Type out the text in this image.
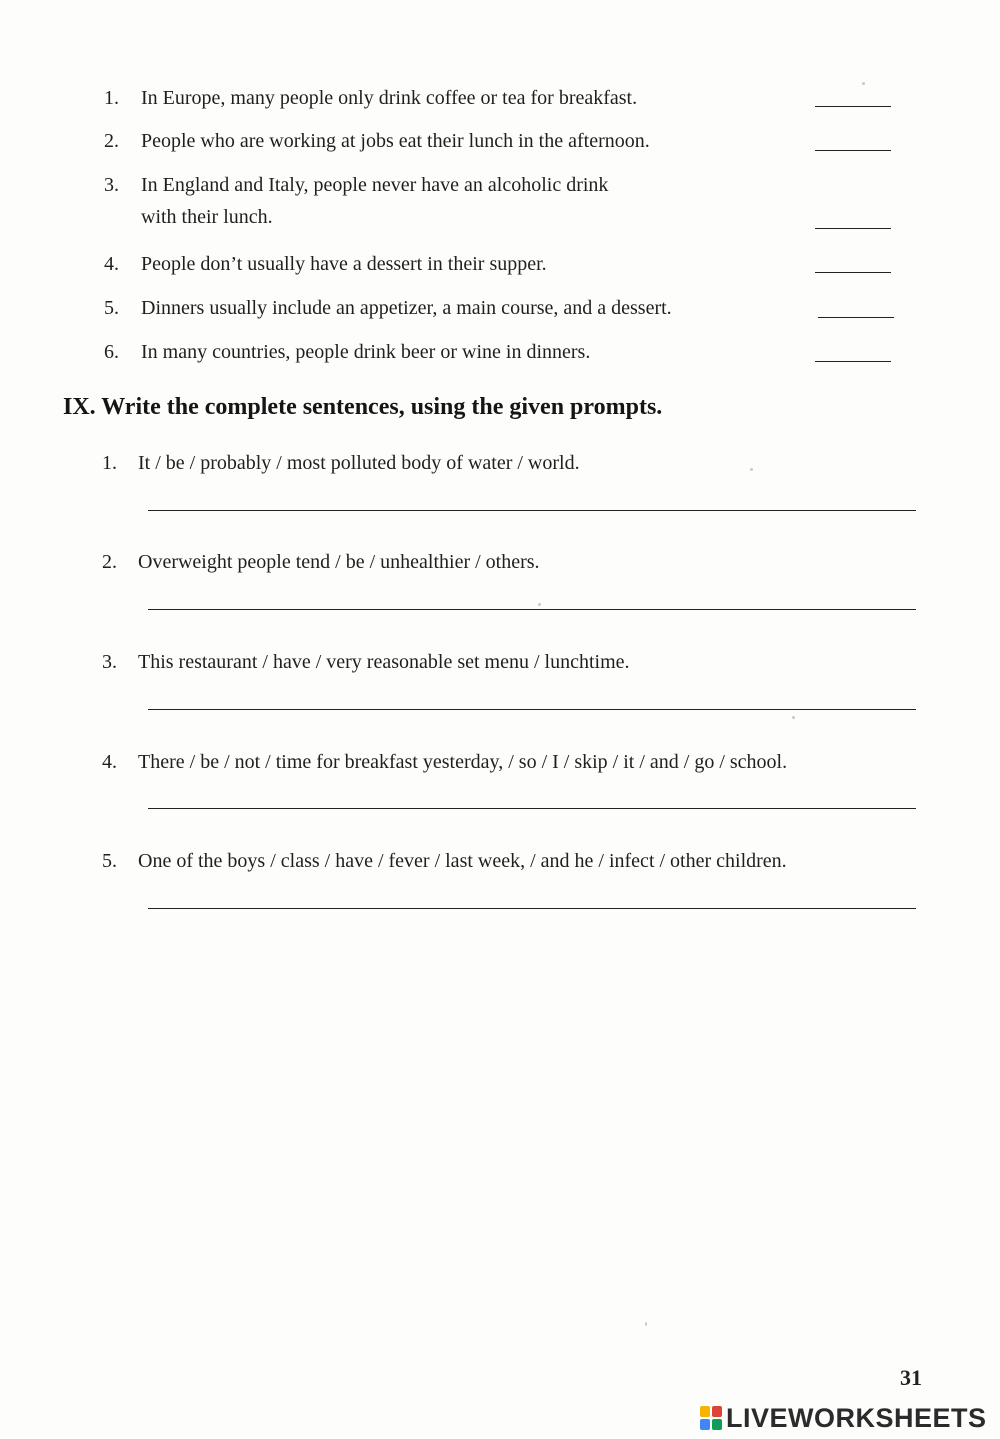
1.	In Europe, many people only drink coffee or tea for breakfast.
2.	People who are working at jobs eat their lunch in the afternoon.
3.	In England and Italy, people never have an alcoholic drink
with their lunch.
4.	People don’t usually have a dessert in their supper.
5.	Dinners usually include an appetizer, a main course, and a dessert.
6.	In many countries, people drink beer or wine in dinners.
IX. Write the complete sentences, using the given prompts.
1.	It / be / probably / most polluted body of water / world.
2.	Overweight people tend / be / unhealthier / others.
3.	This restaurant / have / very reasonable set menu / lunchtime.
4.	There / be / not / time for breakfast yesterday, / so / I / skip / it / and / go / school.
5.	One of the boys / class / have / fever / last week, / and he / infect / other children.
31
LIVEWORKSHEETS
